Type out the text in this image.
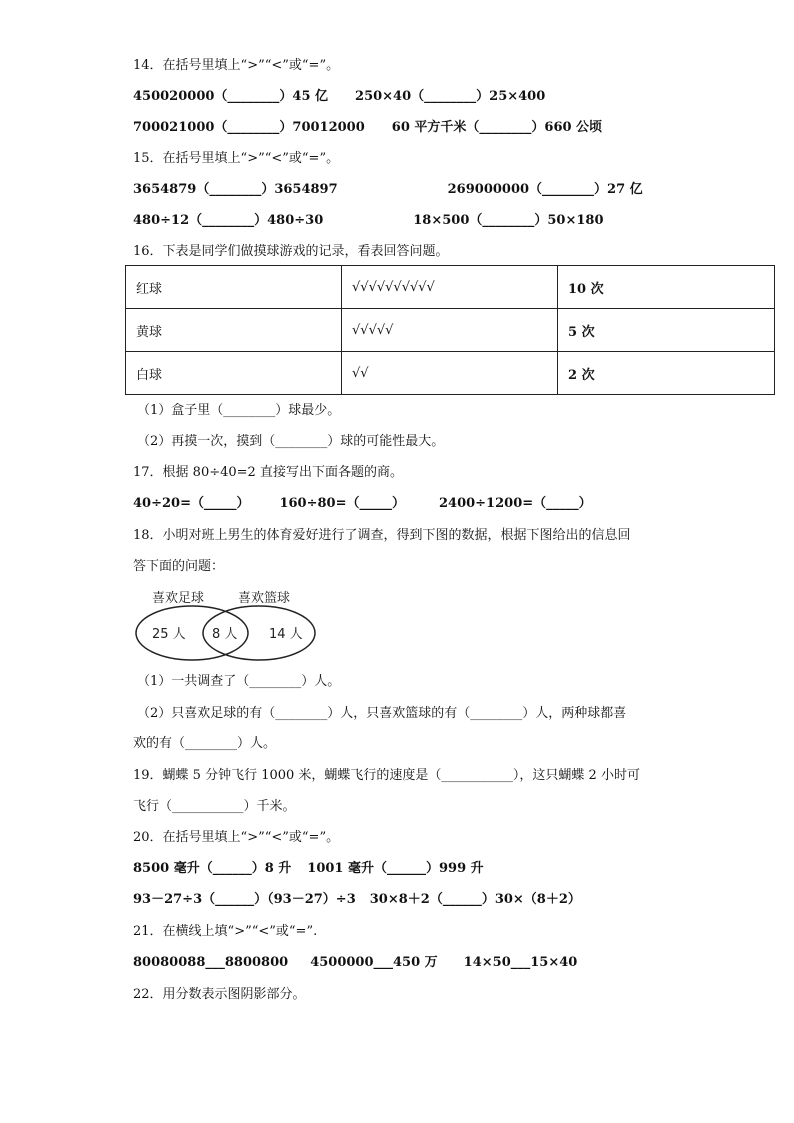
14．在括号里填上“>”“<”或“=”。
450020000（________）45 亿 250×40（________）25×400
700021000（________）70012000 60 平方千米（________）660 公顷
15．在括号里填上“>”“<”或“=”。
3654879（________）3654897	269000000（________）27 亿
480÷12（________）480÷30	18×500（________）50×180
16．下表是同学们做摸球游戏的记录，看表回答问题。
红球	√√√√√√√√√√	10 次
黄球	√√√√√	5 次
白球	√√	2 次
（1）盒子里（________）球最少。
（2）再摸一次，摸到（________）球的可能性最大。
17．根据 80÷40=2 直接写出下面各题的商。
40÷20=（_____） 160÷80=（_____）	2400÷1200=（_____）
18．小明对班上男生的体育爱好进行了调查，得到下图的数据，根据下图给出的信息回
答下面的问题：
喜欢足球	喜欢篮球
25 人 8 人 14 人
（1）一共调查了（________）人。
（2）只喜欢足球的有（________）人，只喜欢篮球的有（________）人，两种球都喜
欢的有（________）人。
19．蝴蝶 5 分钟飞行 1000 米，蝴蝶飞行的速度是（___________），这只蝴蝶 2 小时可
飞行（___________）千米。
20．在括号里填上“>”“<”或“=”。
8500 毫升（______）8 升 1001 毫升（______）999 升
93－27÷3（______）（93－27）÷3 30×8＋2（______）30×（8＋2）
21．在横线上填“>”“<”或“=”.
80080088___8800800 4500000___450 万 14×50___15×40
22．用分数表示图阴影部分。
